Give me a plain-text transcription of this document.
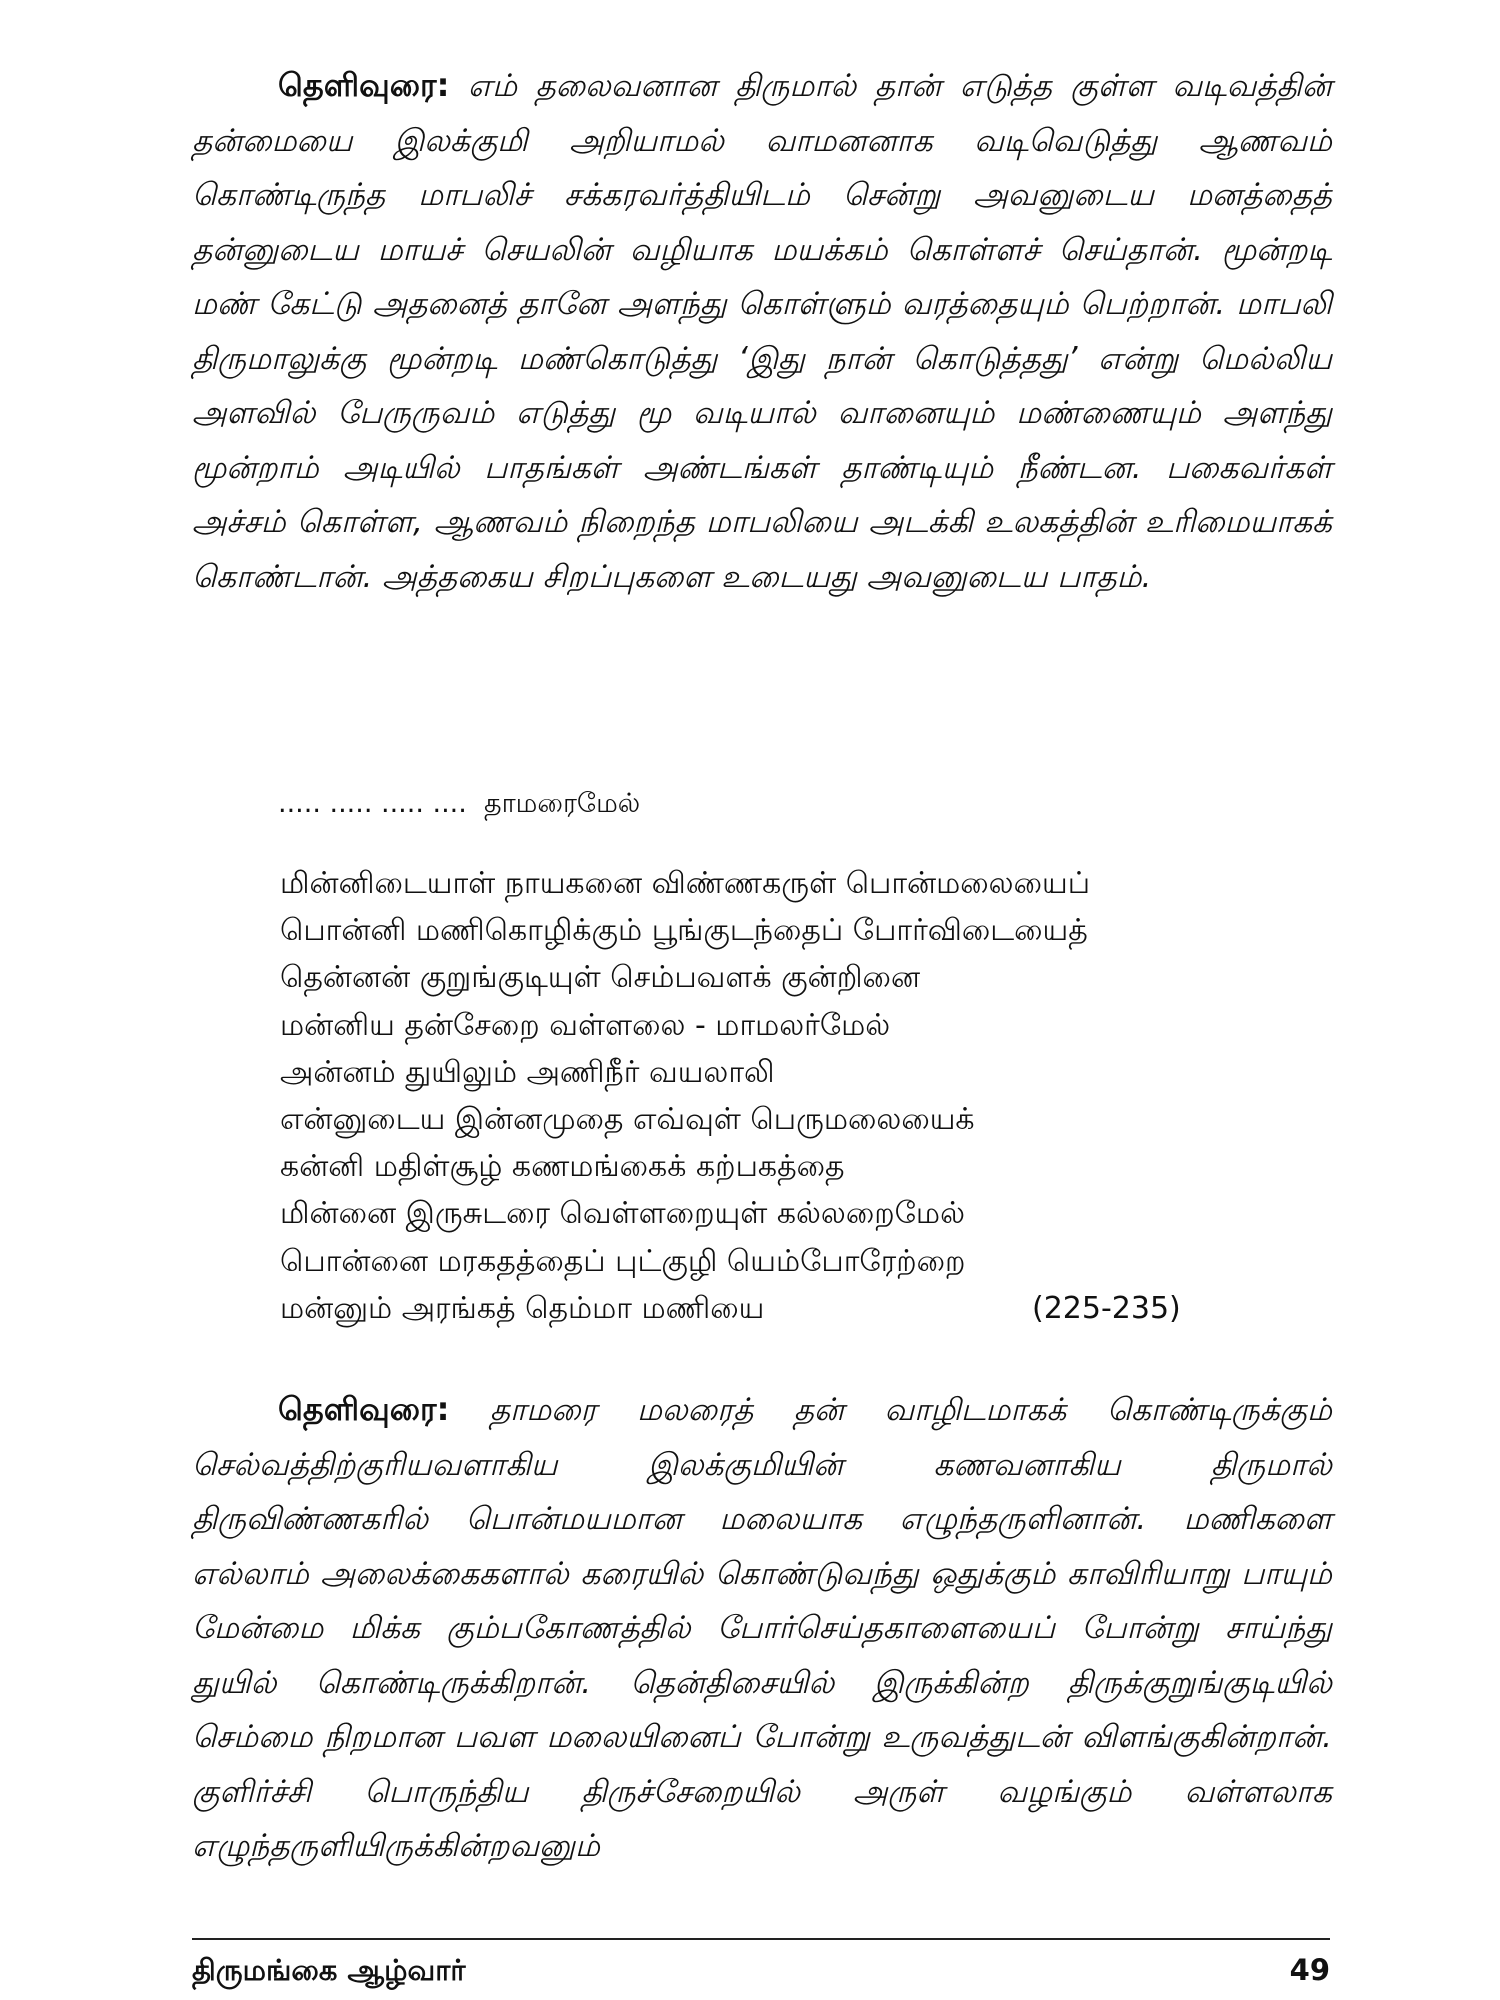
தெளிவுரை: எம் தலைவனான திருமால் தான் எடுத்த குள்ள வடிவத்தின் தன்மையை இலக்குமி அறியாமல் வாமனனாக வடிவெடுத்து ஆணவம் கொண்டிருந்த மாபலிச் சக்கரவர்த்தியிடம் சென்று அவனுடைய மனத்தைத் தன்னுடைய மாயச் செயலின் வழியாக மயக்கம் கொள்ளச் செய்தான். மூன்றடி மண் கேட்டு அதனைத் தானே அளந்து கொள்ளும் வரத்தையும் பெற்றான். மாபலி திருமாலுக்கு மூன்றடி மண்கொடுத்து ‘இது நான் கொடுத்தது’ என்று மெல்லிய அளவில் பேருருவம் எடுத்து மூ வடியால் வானையும் மண்ணையும் அளந்து மூன்றாம் அடியில் பாதங்கள் அண்டங்கள் தாண்டியும் நீண்டன. பகைவர்கள் அச்சம் கொள்ள, ஆணவம் நிறைந்த மாபலியை அடக்கி உலகத்தின் உரிமையாகக் கொண்டான். அத்தகைய சிறப்புகளை உடையது அவனுடைய பாதம்.

..... ..... ..... ....  தாமரைமேல்
மின்னிடையாள் நாயகனை விண்ணகருள் பொன்மலையைப்
பொன்னி மணிகொழிக்கும் பூங்குடந்தைப் போர்விடையைத்
தென்னன் குறுங்குடியுள் செம்பவளக் குன்றினை
மன்னிய தன்சேறை வள்ளலை - மாமலர்மேல்
அன்னம் துயிலும் அணிநீர் வயலாலி
என்னுடைய இன்னமுதை எவ்வுள் பெருமலையைக்
கன்னி மதிள்சூழ் கணமங்கைக் கற்பகத்தை
மின்னை இருசுடரை வெள்ளறையுள் கல்லறைமேல்
பொன்னை மரகதத்தைப் புட்குழி யெம்போரேற்றை
மன்னும் அரங்கத் தெம்மா மணியை	(225-235)

தெளிவுரை: தாமரை மலரைத் தன் வாழிடமாகக் கொண்டிருக்கும் செல்வத்திற்குரியவளாகிய இலக்குமியின் கணவனாகிய திருமால் திருவிண்ணகரில் பொன்மயமான மலையாக எழுந்தருளினான். மணிகளை எல்லாம் அலைக்கைகளால் கரையில் கொண்டுவந்து ஒதுக்கும் காவிரியாறு பாயும் மேன்மை மிக்க கும்பகோணத்தில் போர்செய்தகாளையைப் போன்று சாய்ந்து துயில் கொண்டிருக்கிறான். தென்திசையில் இருக்கின்ற திருக்குறுங்குடியில் செம்மை நிறமான பவள மலையினைப் போன்று உருவத்துடன் விளங்குகின்றான். குளிர்ச்சி பொருந்திய திருச்சேறையில் அருள் வழங்கும் வள்ளலாக எழுந்தருளியிருக்கின்றவனும்

திருமங்கை ஆழ்வார்	49
